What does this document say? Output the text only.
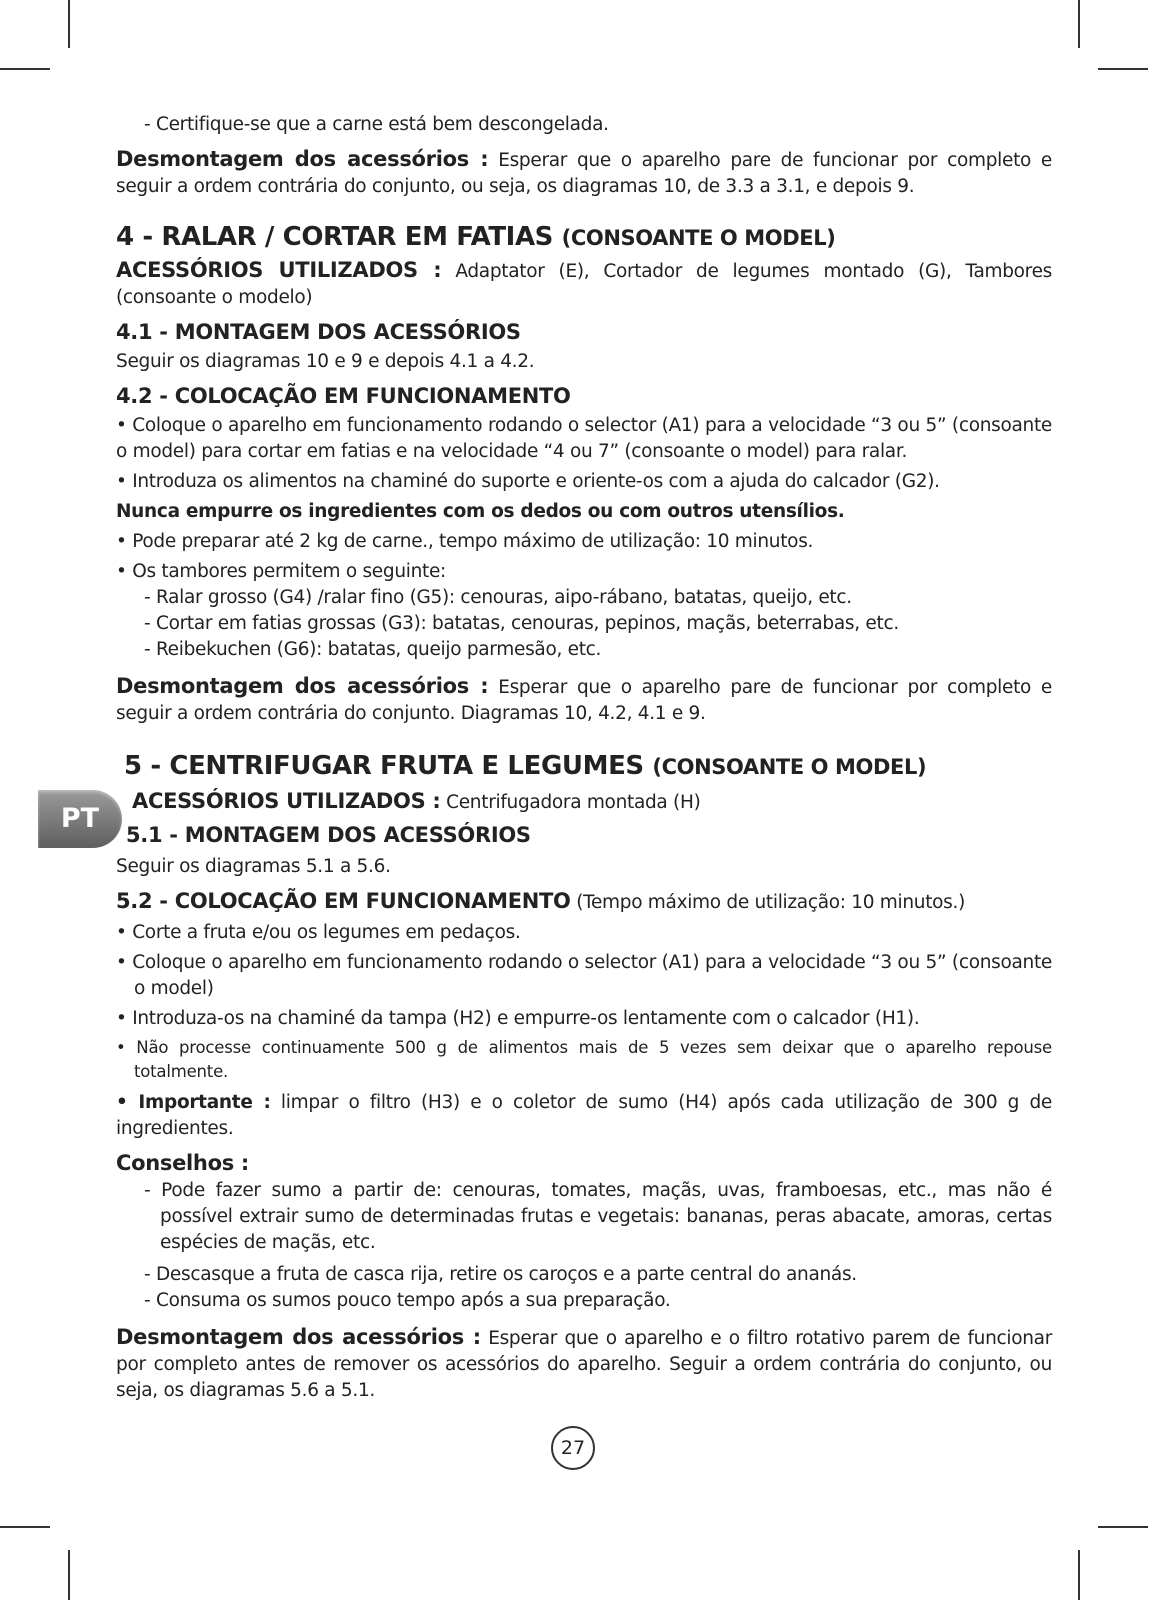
PT

- Certifique-se que a carne está bem descongelada.

Desmontagem dos acessórios : Esperar que o aparelho pare de funcionar por completo e seguir a ordem contrária do conjunto, ou seja, os diagramas 10, de 3.3 a 3.1, e depois 9.

4 - RALAR / CORTAR EM FATIAS (CONSOANTE O MODEL)

ACESSÓRIOS UTILIZADOS : Adaptator (E), Cortador de legumes montado (G), Tambores (consoante o modelo)

4.1 - MONTAGEM DOS ACESSÓRIOS

Seguir os diagramas 10 e 9 e depois 4.1 a 4.2.

4.2 - COLOCAÇÃO EM FUNCIONAMENTO

• Coloque o aparelho em funcionamento rodando o selector (A1) para a velocidade “3 ou 5” (consoante o model) para cortar em fatias e na velocidade “4 ou 7” (consoante o model) para ralar.

• Introduza os alimentos na chaminé do suporte e oriente-os com a ajuda do calcador (G2).

Nunca empurre os ingredientes com os dedos ou com outros utensílios.

• Pode preparar até 2 kg de carne., tempo máximo de utilização: 10 minutos.

• Os tambores permitem o seguinte:

- Ralar grosso (G4) /ralar fino (G5): cenouras, aipo-rábano, batatas, queijo, etc.

- Cortar em fatias grossas (G3): batatas, cenouras, pepinos, maçãs, beterrabas, etc.

- Reibekuchen (G6): batatas, queijo parmesão, etc.

Desmontagem dos acessórios : Esperar que o aparelho pare de funcionar por completo e seguir a ordem contrária do conjunto. Diagramas 10, 4.2, 4.1 e 9.

5 - CENTRIFUGAR FRUTA E LEGUMES (CONSOANTE O MODEL)

ACESSÓRIOS UTILIZADOS : Centrifugadora montada (H)

5.1 - MONTAGEM DOS ACESSÓRIOS

Seguir os diagramas 5.1 a 5.6.

5.2 - COLOCAÇÃO EM FUNCIONAMENTO (Tempo máximo de utilização: 10 minutos.)

• Corte a fruta e/ou os legumes em pedaços.

• Coloque o aparelho em funcionamento rodando o selector (A1) para a velocidade “3 ou 5” (consoante o model)

• Introduza-os na chaminé da tampa (H2) e empurre-os lentamente com o calcador (H1).

• Não processe continuamente 500 g de alimentos mais de 5 vezes sem deixar que o aparelho repouse totalmente.

• Importante : limpar o filtro (H3) e o coletor de sumo (H4) após cada utilização de 300 g de ingredientes.

Conselhos :

- Pode fazer sumo a partir de: cenouras, tomates, maçãs, uvas, framboesas, etc., mas não é possível extrair sumo de determinadas frutas e vegetais: bananas, peras abacate, amoras, certas espécies de maçãs, etc.

- Descasque a fruta de casca rija, retire os caroços e a parte central do ananás.

- Consuma os sumos pouco tempo após a sua preparação.

Desmontagem dos acessórios : Esperar que o aparelho e o filtro rotativo parem de funcionar por completo antes de remover os acessórios do aparelho. Seguir a ordem contrária do conjunto, ou seja, os diagramas 5.6 a 5.1.

27
